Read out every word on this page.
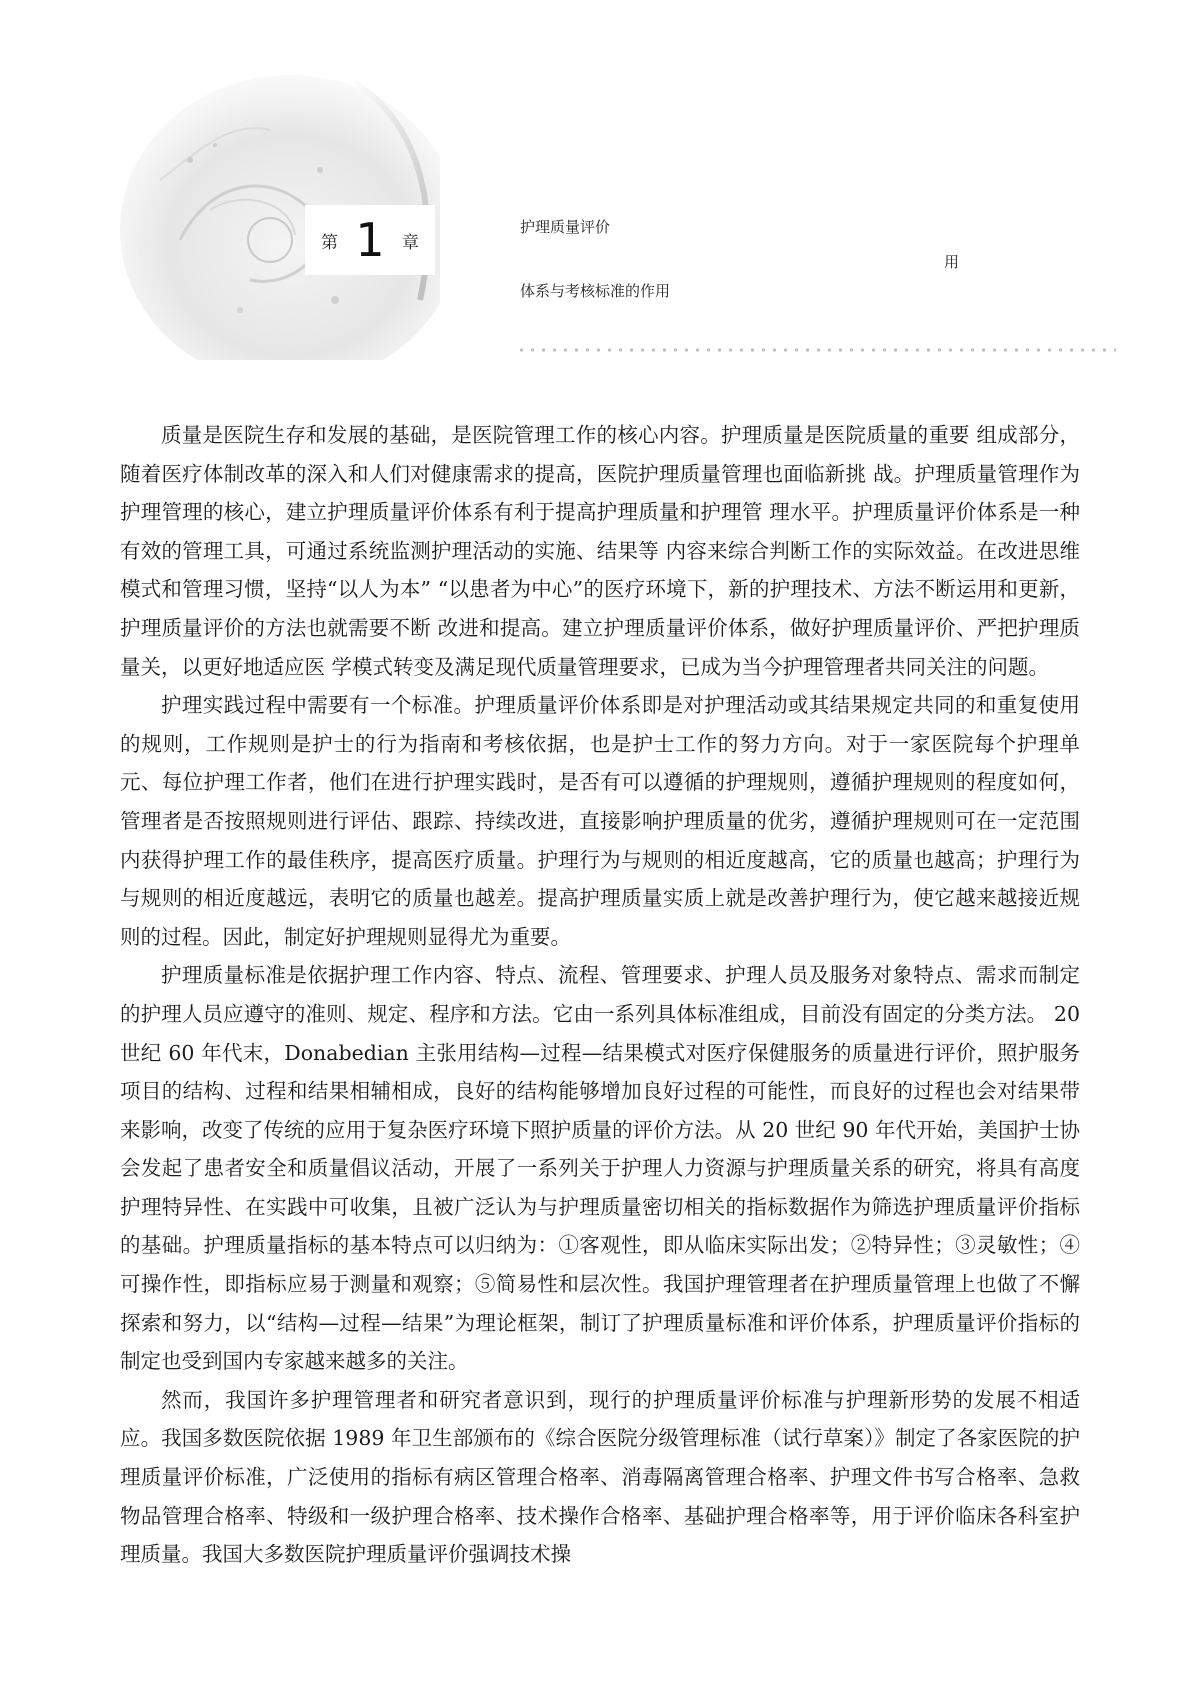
第 1 章
护理质量评价
用
体系与考核标准的作用

质量是医院生存和发展的基础，是医院管理工作的核心内容。护理质量是医院质量的重要 组成部分，随着医疗体制改革的深入和人们对健康需求的提高，医院护理质量管理也面临新挑 战。护理质量管理作为护理管理的核心，建立护理质量评价体系有利于提高护理质量和护理管 理水平。护理质量评价体系是一种有效的管理工具，可通过系统监测护理活动的实施、结果等 内容来综合判断工作的实际效益。在改进思维模式和管理习惯，坚持“以人为本” “以患者为中心”的医疗环境下，新的护理技术、方法不断运用和更新，护理质量评价的方法也就需要不断 改进和提高。建立护理质量评价体系，做好护理质量评价、严把护理质量关，以更好地适应医 学模式转变及满足现代质量管理要求，已成为当今护理管理者共同关注的问题。

护理实践过程中需要有一个标准。护理质量评价体系即是对护理活动或其结果规定共同的和重复使用的规则，工作规则是护士的行为指南和考核依据，也是护士工作的努力方向。对于一家医院每个护理单元、每位护理工作者，他们在进行护理实践时，是否有可以遵循的护理规则，遵循护理规则的程度如何，管理者是否按照规则进行评估、跟踪、持续改进，直接影响护理质量的优劣，遵循护理规则可在一定范围内获得护理工作的最佳秩序，提高医疗质量。护理行为与规则的相近度越高，它的质量也越高；护理行为与规则的相近度越远，表明它的质量也越差。提高护理质量实质上就是改善护理行为，使它越来越接近规则的过程。因此，制定好护理规则显得尤为重要。

护理质量标准是依据护理工作内容、特点、流程、管理要求、护理人员及服务对象特点、需求而制定的护理人员应遵守的准则、规定、程序和方法。它由一系列具体标准组成，目前没有固定的分类方法。 20 世纪 60 年代末，Donabedian 主张用结构—过程—结果模式对医疗保健服务的质量进行评价，照护服务项目的结构、过程和结果相辅相成，良好的结构能够增加良好过程的可能性，而良好的过程也会对结果带来影响，改变了传统的应用于复杂医疗环境下照护质量的评价方法。从 20 世纪 90 年代开始，美国护士协会发起了患者安全和质量倡议活动，开展了一系列关于护理人力资源与护理质量关系的研究，将具有高度护理特异性、在实践中可收集，且被广泛认为与护理质量密切相关的指标数据作为筛选护理质量评价指标的基础。护理质量指标的基本特点可以归纳为：①客观性，即从临床实际出发；②特异性；③灵敏性；④可操作性，即指标应易于测量和观察；⑤简易性和层次性。我国护理管理者在护理质量管理上也做了不懈探索和努力，以“结构—过程—结果”为理论框架，制订了护理质量标准和评价体系，护理质量评价指标的制定也受到国内专家越来越多的关注。

然而，我国许多护理管理者和研究者意识到，现行的护理质量评价标准与护理新形势的发展不相适应。我国多数医院依据 1989 年卫生部颁布的《综合医院分级管理标准（试行草案）》制定了各家医院的护理质量评价标准，广泛使用的指标有病区管理合格率、消毒隔离管理合格率、护理文件书写合格率、急救物品管理合格率、特级和一级护理合格率、技术操作合格率、基础护理合格率等，用于评价临床各科室护理质量。我国大多数医院护理质量评价强调技术操
